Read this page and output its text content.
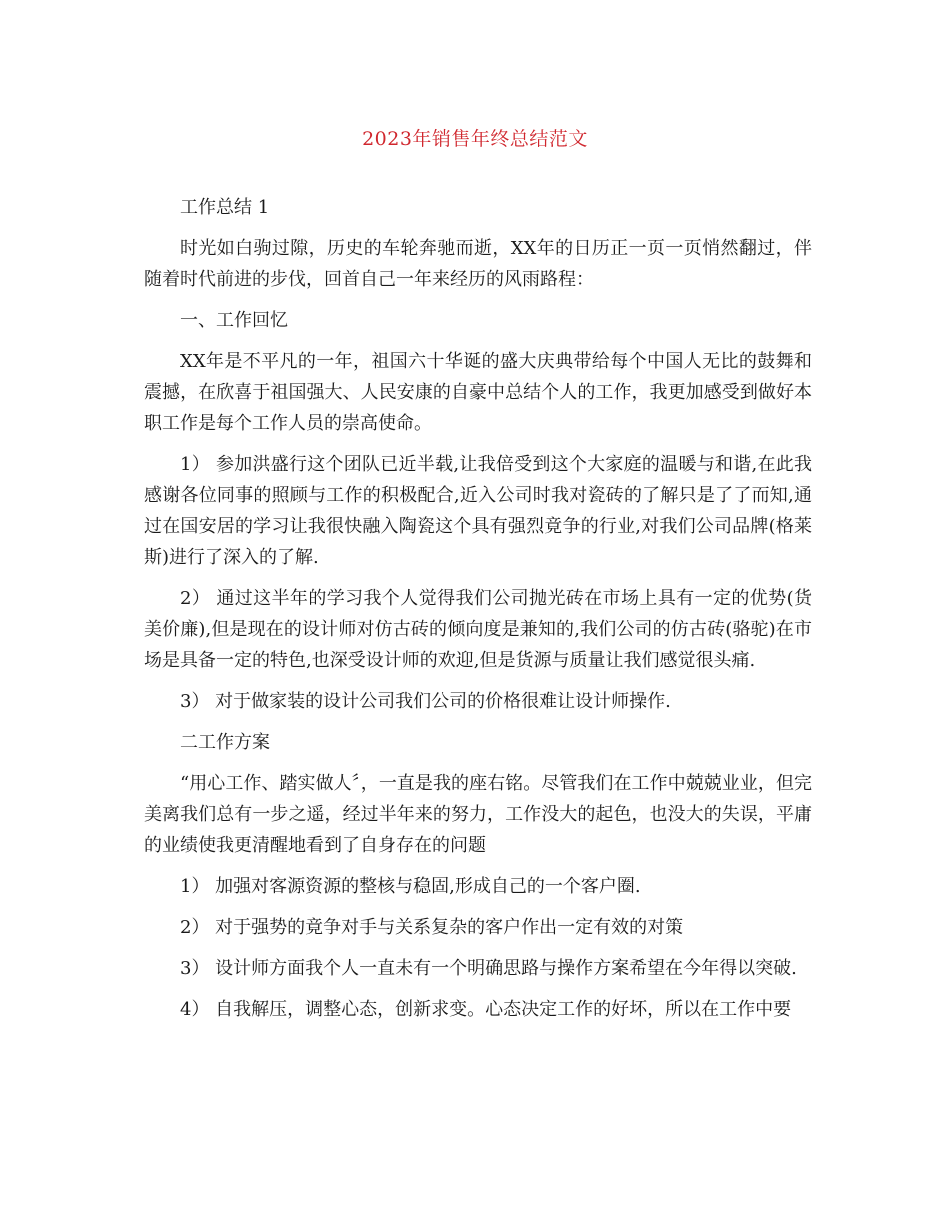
2023年销售年终总结范文

工作总结 1

时光如白驹过隙，历史的车轮奔驰而逝，XX年的日历正一页一页悄然翻过，伴随着时代前进的步伐，回首自己一年来经历的风雨路程：

一、工作回忆

XX年是不平凡的一年，祖国六十华诞的盛大庆典带给每个中国人无比的鼓舞和震撼，在欣喜于祖国强大、人民安康的自豪中总结个人的工作，我更加感受到做好本职工作是每个工作人员的崇高使命。

1） 参加洪盛行这个团队已近半载,让我倍受到这个大家庭的温暖与和谐,在此我感谢各位同事的照顾与工作的积极配合,近入公司时我对瓷砖的了解只是了了而知,通过在国安居的学习让我很快融入陶瓷这个具有强烈竟争的行业,对我们公司品牌(格莱斯)进行了深入的了解.

2） 通过这半年的学习我个人觉得我们公司抛光砖在市场上具有一定的优势(货美价廉),但是现在的设计师对仿古砖的倾向度是兼知的,我们公司的仿古砖(骆驼)在市场是具备一定的特色,也深受设计师的欢迎,但是货源与质量让我们感觉很头痛.

3） 对于做家装的设计公司我们公司的价格很难让设计师操作.

二工作方案

“用心工作、踏实做人〞，一直是我的座右铭。尽管我们在工作中兢兢业业，但完美离我们总有一步之遥，经过半年来的努力，工作没大的起色，也没大的失误，平庸的业绩使我更清醒地看到了自身存在的问题

1） 加强对客源资源的整核与稳固,形成自己的一个客户圈.

2） 对于强势的竟争对手与关系复杂的客户作出一定有效的对策

3） 设计师方面我个人一直未有一个明确思路与操作方案希望在今年得以突破.

4） 自我解压，调整心态，创新求变。心态决定工作的好坏，所以在工作中要
